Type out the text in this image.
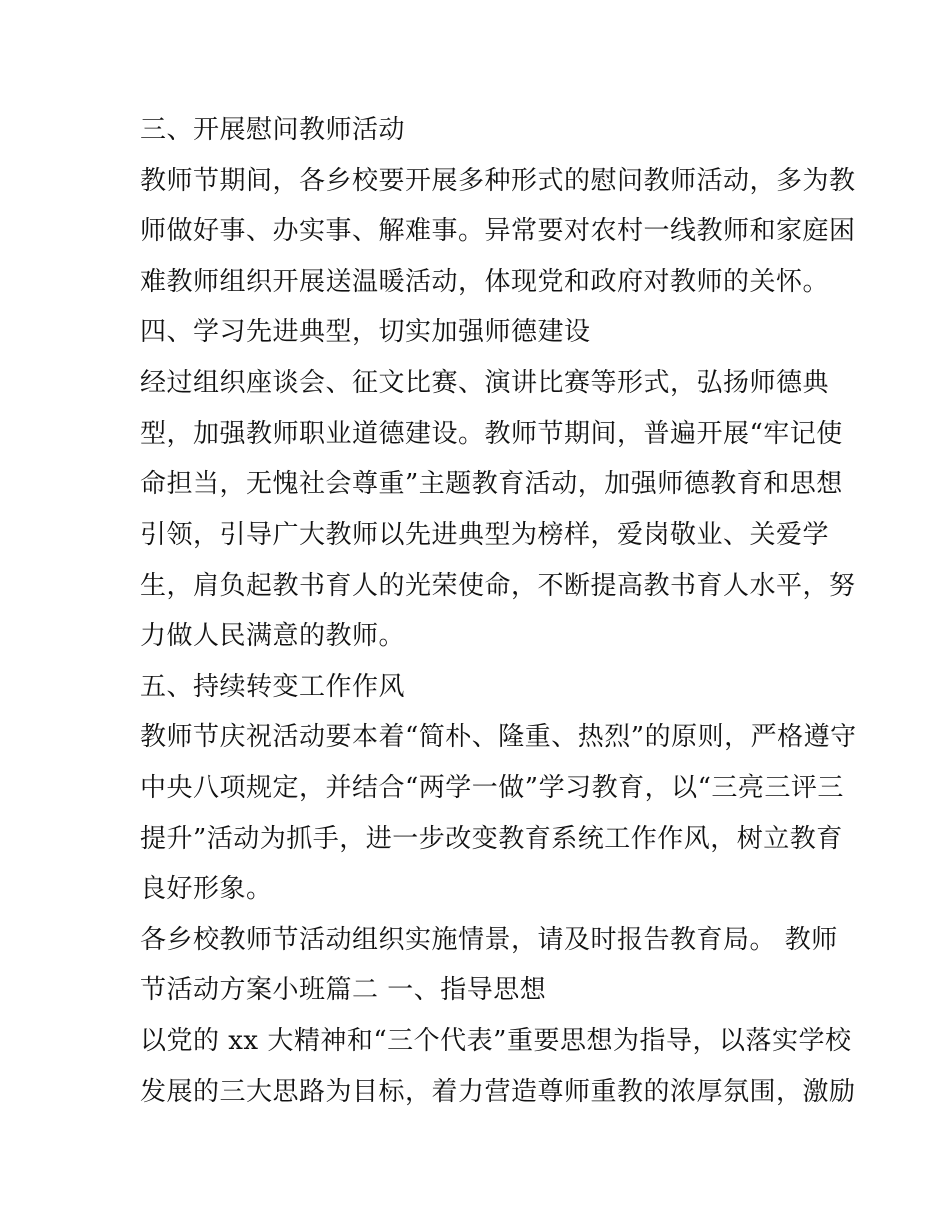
三、开展慰问教师活动

教师节期间，各乡校要开展多种形式的慰问教师活动，多为教

师做好事、办实事、解难事。异常要对农村一线教师和家庭困

难教师组织开展送温暖活动，体现党和政府对教师的关怀。

四、学习先进典型，切实加强师德建设

经过组织座谈会、征文比赛、演讲比赛等形式，弘扬师德典

型，加强教师职业道德建设。教师节期间，普遍开展“牢记使

命担当，无愧社会尊重”主题教育活动，加强师德教育和思想

引领，引导广大教师以先进典型为榜样，爱岗敬业、关爱学

生，肩负起教书育人的光荣使命，不断提高教书育人水平，努

力做人民满意的教师。

五、持续转变工作作风

教师节庆祝活动要本着“简朴、隆重、热烈”的原则，严格遵守

中央八项规定，并结合“两学一做”学习教育，以“三亮三评三

提升”活动为抓手，进一步改变教育系统工作作风，树立教育

良好形象。

各乡校教师节活动组织实施情景，请及时报告教育局。 教师

节活动方案小班篇二 一、指导思想

以党的 xx 大精神和“三个代表”重要思想为指导，以落实学校

发展的三大思路为目标，着力营造尊师重教的浓厚氛围，激励
